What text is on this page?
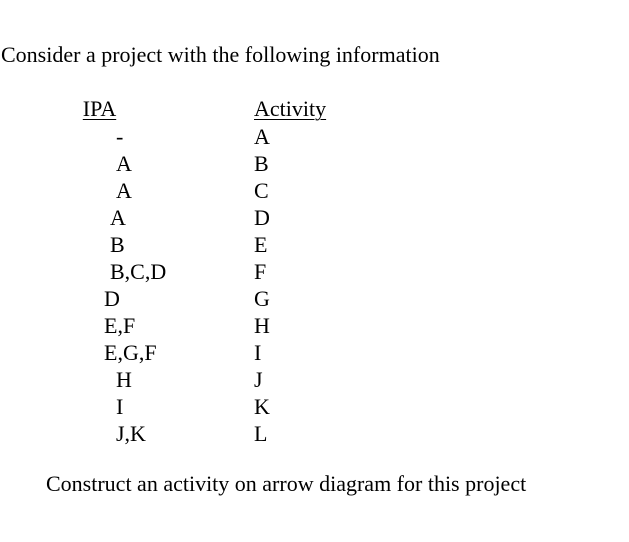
Consider a project with the following information
IPA	Activity
-	A
A	B
A	C
A	D
B	E
B,C,D	F
D	G
E,F	H
E,G,F	I
H	J
I	K
J,K	L
Construct an activity on arrow diagram for this project
